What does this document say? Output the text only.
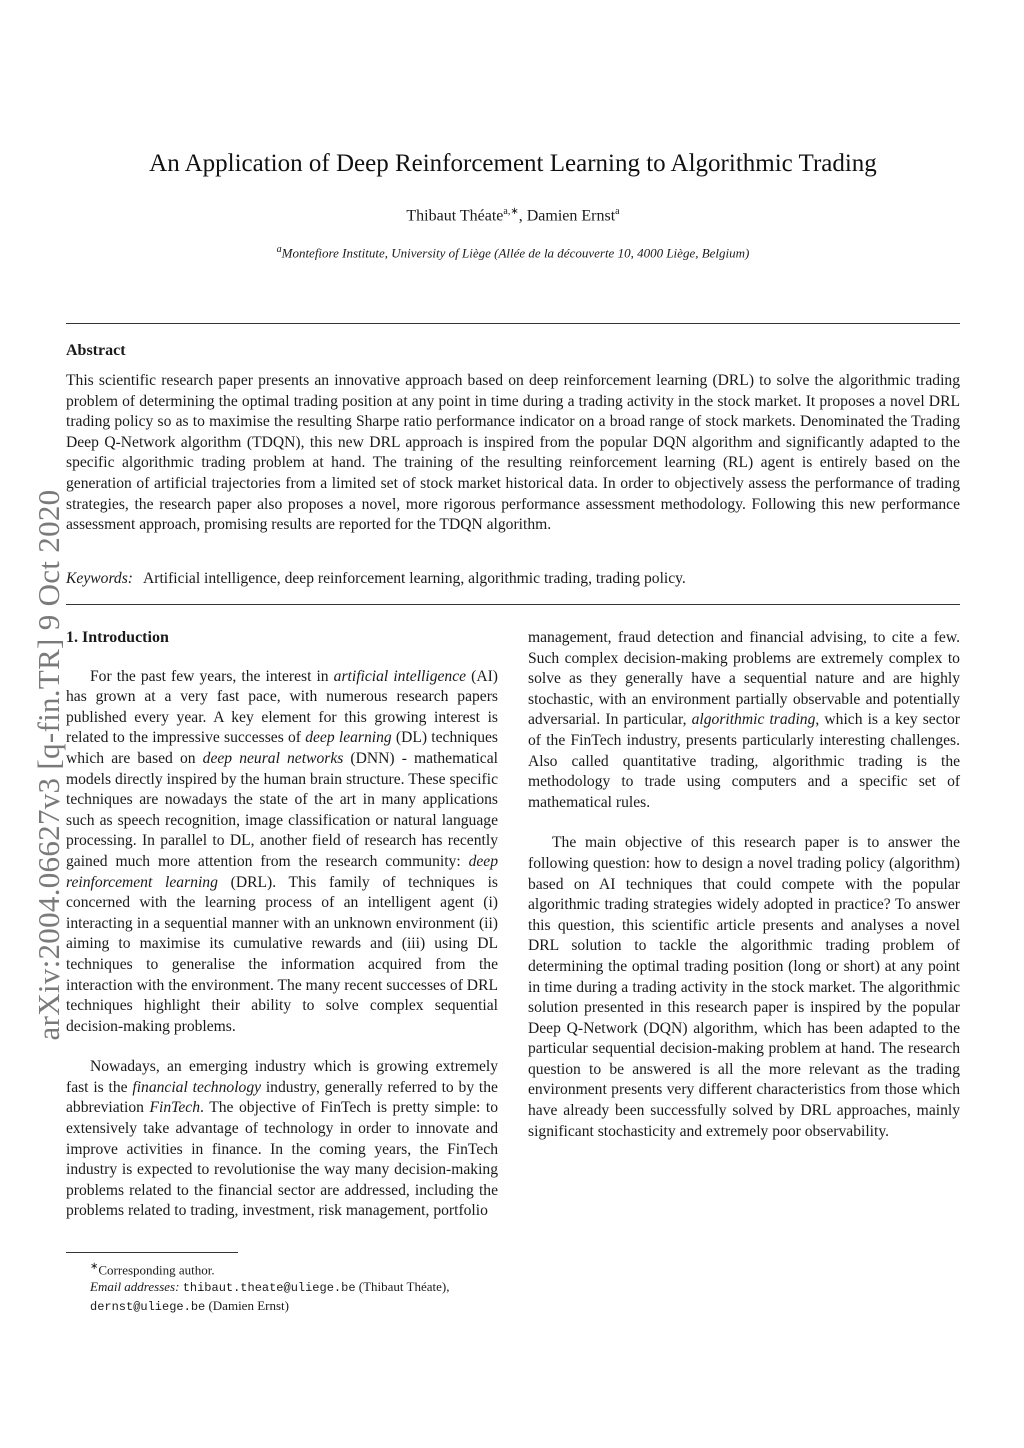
arXiv:2004.06627v3 [q-fin.TR] 9 Oct 2020
An Application of Deep Reinforcement Learning to Algorithmic Trading
Thibaut Théate$^{a,∗}$, Damien Ernst$^a$
$^a$Montefiore Institute, University of Liège (Allée de la découverte 10, 4000 Liège, Belgium)
Abstract

This scientific research paper presents an innovative approach based on deep reinforcement learning (DRL) to solve the algorithmic trading problem of determining the optimal trading position at any point in time during a trading activity in the stock market. It proposes a novel DRL trading policy so as to maximise the resulting Sharpe ratio performance indicator on a broad range of stock markets. Denominated the Trading Deep Q-Network algorithm (TDQN), this new DRL approach is inspired from the popular DQN algorithm and significantly adapted to the specific algorithmic trading problem at hand. The training of the resulting reinforcement learning (RL) agent is entirely based on the generation of artificial trajectories from a limited set of stock market historical data. In order to objectively assess the performance of trading strategies, the research paper also proposes a novel, more rigorous performance assessment methodology. Following this new performance assessment approach, promising results are reported for the TDQN algorithm.

Keywords: Artificial intelligence, deep reinforcement learning, algorithmic trading, trading policy.

1. Introduction

For the past few years, the interest in artificial intelligence (AI) has grown at a very fast pace, with numerous research papers published every year. A key element for this growing interest is related to the impressive successes of deep learning (DL) techniques which are based on deep neural networks (DNN) - mathematical models directly inspired by the human brain structure. These specific techniques are nowadays the state of the art in many applications such as speech recognition, image classification or natural language processing. In parallel to DL, another field of research has recently gained much more attention from the research community: deep reinforcement learning (DRL). This family of techniques is concerned with the learning process of an intelligent agent (i) interacting in a sequential manner with an unknown environment (ii) aiming to maximise its cumulative rewards and (iii) using DL techniques to generalise the information acquired from the interaction with the environment. The many recent successes of DRL techniques highlight their ability to solve complex sequential decision-making problems.

Nowadays, an emerging industry which is growing extremely fast is the financial technology industry, generally referred to by the abbreviation FinTech. The objective of FinTech is pretty simple: to extensively take advantage of technology in order to innovate and improve activities in finance. In the coming years, the FinTech industry is expected to revolutionise the way many decision-making problems related to the financial sector are addressed, including the problems related to trading, investment, risk management, portfolio

management, fraud detection and financial advising, to cite a few. Such complex decision-making problems are extremely complex to solve as they generally have a sequential nature and are highly stochastic, with an environment partially observable and potentially adversarial. In particular, algorithmic trading, which is a key sector of the FinTech industry, presents particularly interesting challenges. Also called quantitative trading, algorithmic trading is the methodology to trade using computers and a specific set of mathematical rules.

The main objective of this research paper is to answer the following question: how to design a novel trading policy (algorithm) based on AI techniques that could compete with the popular algorithmic trading strategies widely adopted in practice? To answer this question, this scientific article presents and analyses a novel DRL solution to tackle the algorithmic trading problem of determining the optimal trading position (long or short) at any point in time during a trading activity in the stock market. The algorithmic solution presented in this research paper is inspired by the popular Deep Q-Network (DQN) algorithm, which has been adapted to the particular sequential decision-making problem at hand. The research question to be answered is all the more relevant as the trading environment presents very different characteristics from those which have already been successfully solved by DRL approaches, mainly significant stochasticity and extremely poor observability.

∗Corresponding author.
Email addresses: thibaut.theate@uliege.be (Thibaut Théate), dernst@uliege.be (Damien Ernst)
